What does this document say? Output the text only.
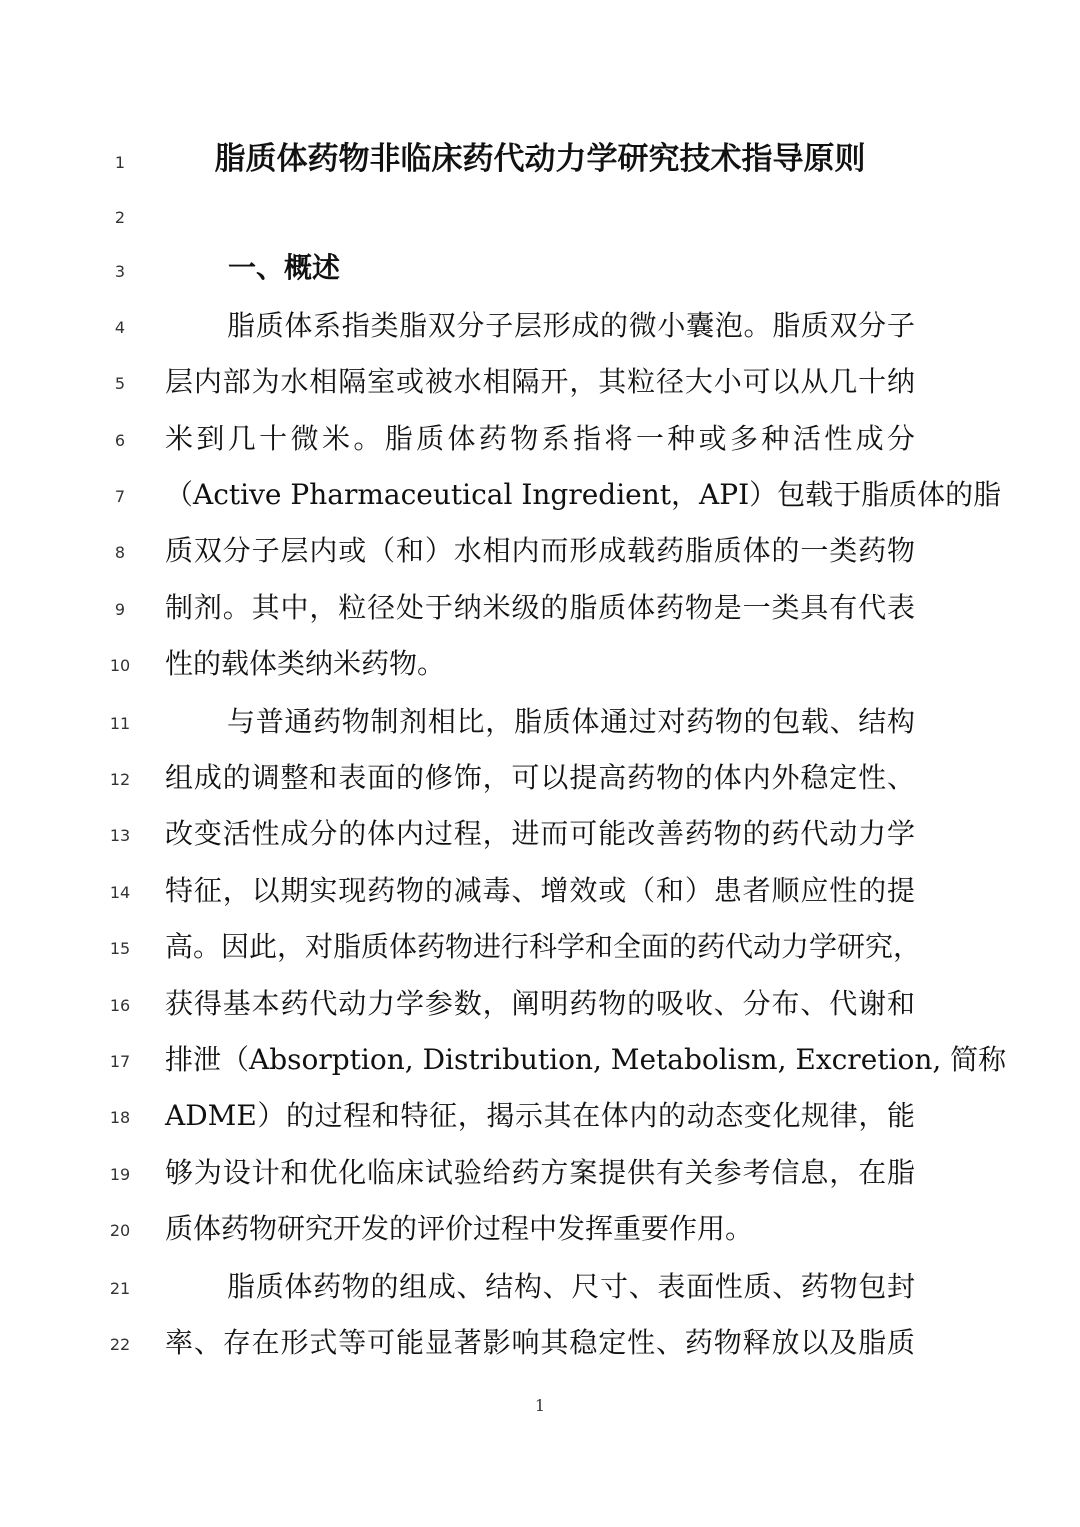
1	脂质体药物非临床药代动力学研究技术指导原则
2
3	一、概述
4	脂质体系指类脂双分子层形成的微小囊泡。脂质双分子
5	层内部为水相隔室或被水相隔开，其粒径大小可以从几十纳
6	米到几十微米。脂质体药物系指将一种或多种活性成分
7	（Active Pharmaceutical Ingredient，API）包载于脂质体的脂
8	质双分子层内或（和）水相内而形成载药脂质体的一类药物
9	制剂。其中，粒径处于纳米级的脂质体药物是一类具有代表
10	性的载体类纳米药物。
11	与普通药物制剂相比，脂质体通过对药物的包载、结构
12	组成的调整和表面的修饰，可以提高药物的体内外稳定性、
13	改变活性成分的体内过程，进而可能改善药物的药代动力学
14	特征，以期实现药物的减毒、增效或（和）患者顺应性的提
15	高。因此，对脂质体药物进行科学和全面的药代动力学研究，
16	获得基本药代动力学参数，阐明药物的吸收、分布、代谢和
17	排泄（Absorption, Distribution, Metabolism, Excretion, 简称
18	ADME）的过程和特征，揭示其在体内的动态变化规律，能
19	够为设计和优化临床试验给药方案提供有关参考信息，在脂
20	质体药物研究开发的评价过程中发挥重要作用。
21	脂质体药物的组成、结构、尺寸、表面性质、药物包封
22	率、存在形式等可能显著影响其稳定性、药物释放以及脂质
1
